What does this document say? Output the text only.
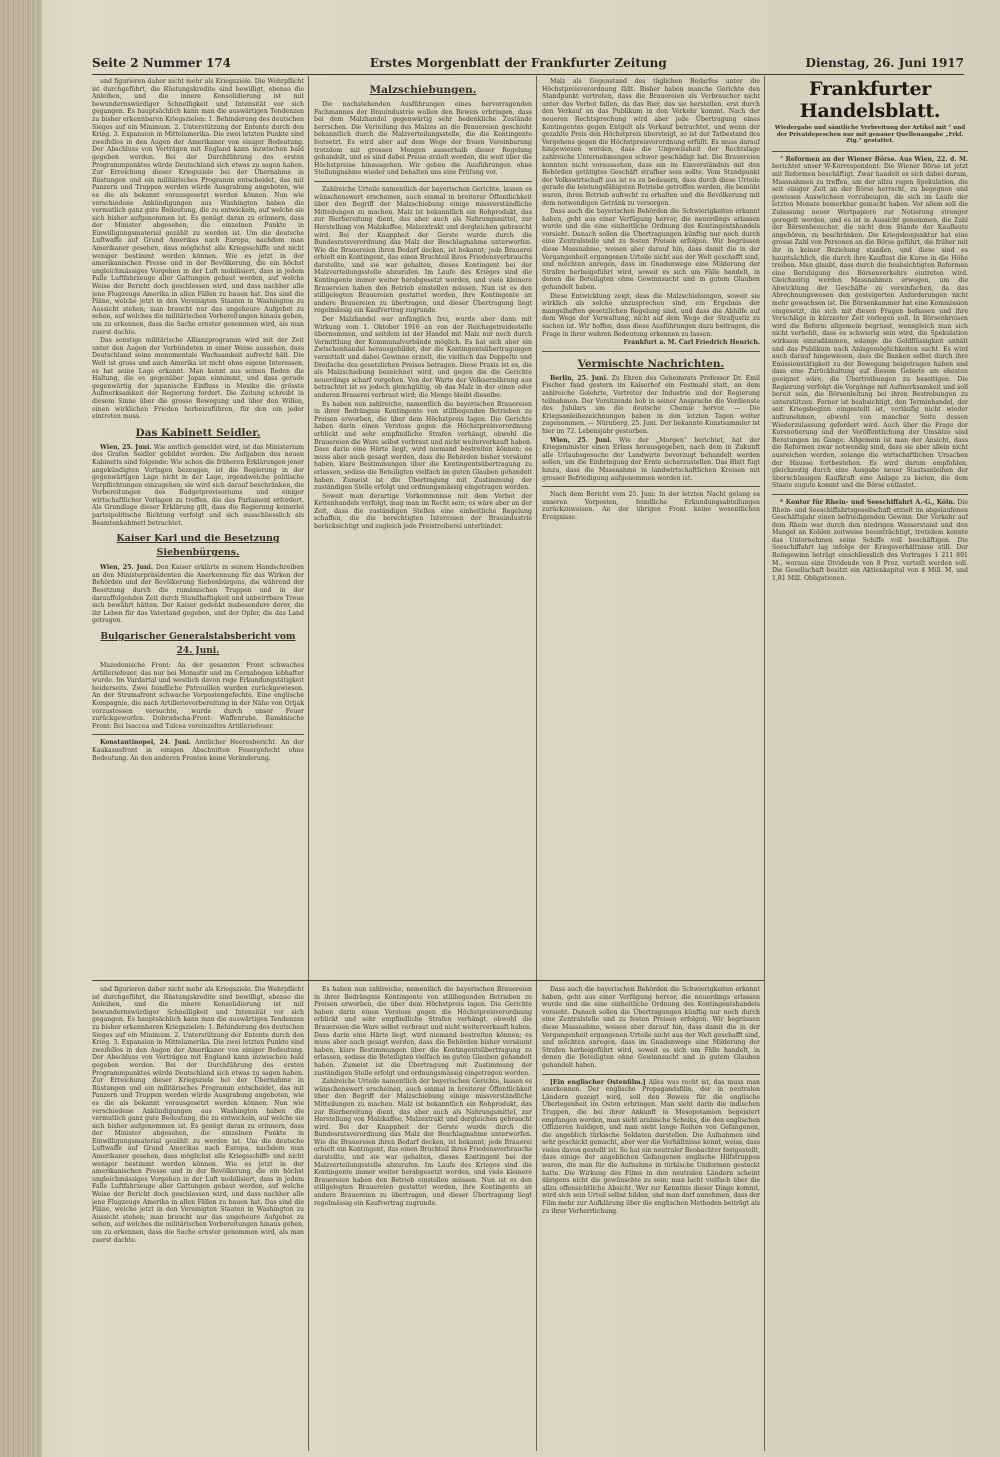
Seite 2 Nummer 174	Erstes Morgenblatt der Frankfurter Zeitung	Dienstag, 26. Juni 1917

und figurieren daher nicht mehr als Kriegsziele. Die Wehrpflicht ist durchgeführt, die Rüstungskredite sind bewilligt, ebenso die Anleihen, und die innere Konsolidierung ist mit bewundernswürdiger Schnelligkeit und Intensität vor sich gegangen. Es hauptsächlich kann man die auswärtigen Tendenzen zu bisher erkennbaren Kriegszielen: 1. Behinderung des deutschen Sieges auf ein Minimum. 2. Unterstützung der Entente durch den Krieg. 3. Expansion in Mittelamerika. Die zwei letzten Punkte sind zweifellos in den Augen der Amerikaner von einiger Bedeutung. Der Abschluss von Verträgen mit England kann inzwischen bald gegeben werden. Bei der Durchführung des ersten Programmpunktes würde Deutschland sich etwas zu sagen haben. Zur Erreichung dieser Kriegsziele bei der Übernahme in Rüstungen und ein militärisches Programm entscheidet, das mit Panzern und Truppen werden würde Ausgrabung angeboten, wie es die als bekannt vorausgesetzt werden können. Nun wie verschiedene Ankündigungen aus Washington haben die vermutlich ganz gute Bedeutung, die zu entwickeln, auf welche sie sich bisher aufgenommen ist. Es genügt daran zu erinnern, dass der Minister abgesehen, die einzelnen Punkte in Einwilligungsmaterial gezählt zu werden ist. Um die deutsche Luftwaffe auf Grund Amerikas nach Europa, nachdem man Amerikaner gesehen, dass möglichst alle Kriegsschiffe und nicht weniger bestimmt werden können. Wie es jetzt in der amerikanischen Presse und in der Bevölkerung, die ein höchst ungleichmässiges Vorgehen in der Luft mobilisiert, dass in jedem Falle Luftfahrzeuge aller Gattungen gebaut werden, auf welche Weise der Bericht doch geschlossen wird, und dass nachher alle jene Flugzeuge Amerika in allen Fällen zu bauen hat. Das sind die Pläne, welche jetzt in den Vereinigten Staaten in Washington zu Aussicht stehen; man braucht nur das ungeheure Aufgebot zu sehen, auf welches die militärischen Vorbereitungen hinaus gehen, um zu erkennen, dass die Sache ernster genommen wird, als man zuerst dachte.

Das sonstige militärische Allianzprogramm wird mit der Zeit unter den Augen der Verbündeten in einer Weise aussehen, dass Deutschland seine monumentale Wachsamkeit aufrecht hält. Die Welt ist gross und auch Amerika ist nicht ohne eigene Interessen, es hat seine Lage erkannt. Man kennt aus seinen Reden die Haltung, die es gegenüber Japan einnimmt, und dass gerade gegenwärtig der japanische Einfluss in Mexiko die grösste Aufmerksamkeit der Regierung fordert. Die Zeitung schreibt in diesem Sinne über die grosse Bewegung und über den Willen, einen wirklichen Frieden herbeizuführen, für den ein jeder eintreten muss.

Das Kabinett Seidler.

Wien, 25. Juni. Wie amtlich gemeldet wird, ist das Ministerium des Grafen Seidler gebildet worden. Die Aufgaben des neuen Kabinetts sind folgende: Wie schon die früheren Erklärungen jener angekündigten Vorlagen bezeugen, ist die Regierung in der gegenwärtigen Lage nicht in der Lage, irgendwelche politische Verpflichtungen einzugehen; sie wird sich darauf beschränken, die Vorbereitungen des Budgetprovisoriums und einiger wirtschaftlicher Vorlagen zu treffen, die das Parlament erfordert. Als Grundlage dieser Erklärung gilt, dass die Regierung keinerlei parteipolitische Richtung verfolgt und sich ausschliesslich als Beamtenkabinett betrachtet.

Kaiser Karl und die Besetzung Siebenbürgens.

Wien, 25. Juni. Den Kaiser erklärte in seinem Handschreiben an den Ministerpräsidenten die Anerkennung für das Wirken der Behörden und der Bevölkerung Siebenbürgens, die während der Besetzung durch die rumänischen Truppen und in der darauffolgenden Zeit durch Standhaftigkeit und unbeirrbare Treue sich bewährt hätten. Der Kaiser gedenkt insbesondere derer, die ihr Leben für das Vaterland gegeben, und der Opfer, die das Land getragen.

Bulgarischer Generalstabsbericht vom 24. Juni.

Mazedonische Front: An der gesamten Front schwaches Artilleriefeuer, das nur bei Monastir und im Cernabogen lebhafter wurde. Im Vardartal und westlich davon rege Erkundungstätigkeit beiderseits. Zwei feindliche Patrouillen wurden zurückgewiesen. An der Strumafront schwache Vorpostengefechte. Eine englische Kompagnie, die nach Artillerievorbereitung in der Nähe von Orljak vorzustossen versuchte, wurde durch unser Feuer zurückgeworfen. Dobrudscha-Front: Waffenruhe. Rumänische Front: Bei Isaccea und Tulcea vereinzeltes Artilleriefeuer.

Konstantinopel, 24. Juni. Amtlicher Heeresbericht. An der Kaukasusfront in einigen Abschnitten Feuergefecht ohne Bedeutung. An den anderen Fronten keine Veränderung.

Malzschiebungen.

Die nachstehenden Ausführungen eines hervorragenden Fachmannes der Brauindustrie wollen den Beweis erbringen, dass bei dem Malzhandel gegenwärtig sehr bedenkliche Zustände herrschen. Die Verteilung des Malzes an die Brauereien geschieht bekanntlich durch die Malzverteilungsstelle, die die Kontingente festsetzt. Es wird aber auf dem Wege der freien Vereinbarung trotzdem mit grossen Mengen ausserhalb dieser Regelung gehandelt, und es sind dabei Preise erzielt worden, die weit über die Höchstpreise hinausgehen. Wir geben die Ausführungen ohne Stellungnahme wieder und behalten uns eine Prüfung vor.

Zahlreiche Urteile namentlich der bayerischen Gerichte, lassen es wünschenswert erscheinen, auch einmal in breiterer Öffentlichkeit über den Begriff der Malzschiebung einige missverständliche Mitteilungen zu machen. Malz ist bekanntlich ein Rohprodukt, das zur Bierbereitung dient, das aber auch als Nahrungsmittel, zur Herstellung von Malzkaffee, Malzextrakt und dergleichen gebraucht wird. Bei der Knappheit der Gerste wurde durch die Bundesratsverordnung das Malz der Beschlagnahme unterworfen. Wie die Brauereien ihren Bedarf decken, ist bekannt; jede Brauerei erhielt ein Kontingent, das einen Bruchteil ihres Friedensverbrauchs darstellte, und sie war gehalten, dieses Kontingent bei der Malzverteilungsstelle abzurufen. Im Laufe des Krieges sind die Kontingente immer weiter herabgesetzt worden, und viele kleinere Brauereien haben den Betrieb einstellen müssen. Nun ist es den stillgelegten Brauereien gestattet worden, ihre Kontingente an andere Brauereien zu übertragen, und dieser Übertragung liegt regelmässig ein Kaufvertrag zugrunde.

Der Malzhandel war anfänglich frei, wurde aber dann mit Wirkung vom 1. Oktober 1916 an von der Reichsgetreidestelle übernommen, und seitdem ist der Handel mit Malz nur noch durch Vermittlung der Kommunalverbände möglich. Es hat sich aber ein Zwischenhandel herausgebildet, der die Kontingentsübertragungen vermittelt und dabei Gewinne erzielt, die vielfach das Doppelte und Dreifache des gesetzlichen Preises betragen. Diese Praxis ist es, die als Malzschiebung bezeichnet wird, und gegen die die Gerichte neuerdings scharf vorgehen. Von der Warte der Volksernährung aus betrachtet ist es jedoch gleichgültig, ob das Malz in der einen oder anderen Brauerei verbraut wird; die Menge bleibt dieselbe.

Es haben nun zahlreiche, namentlich die bayerischen Brauereien in ihrer Bedrängnis Kontingente von stillliegenden Betrieben zu Preisen erworben, die über dem Höchstpreis lagen. Die Gerichte haben darin einen Verstoss gegen die Höchstpreisverordnung erblickt und sehr empfindliche Strafen verhängt, obwohl die Brauereien die Ware selbst verbraut und nicht weiterverkauft haben. Dass darin eine Härte liegt, wird niemand bestreiten können; es muss aber auch gesagt werden, dass die Behörden bisher versäumt haben, klare Bestimmungen über die Kontingentsübertragung zu erlassen, sodass die Beteiligten vielfach im guten Glauben gehandelt haben. Zumeist ist die Übertragung mit Zustimmung der zuständigen Stelle erfolgt und ordnungsmässig eingetragen worden.

Soweit man derartige Vorkommnisse mit dem Verbot der Kettenhandels verfolgt, mag man im Recht sein; es wäre aber an der Zeit, dass die zuständigen Stellen eine einheitliche Regelung schaffen, die die berechtigten Interessen der Brauindustrie berücksichtigt und zugleich jede Preistreiberei unterbindet.

Malz als Gegenstand des täglichen Bedarfes unter die Höchstpreisverordnung fällt. Bisher haben manche Gerichte den Standpunkt vertreten, dass die Brauereien als Verbraucher nicht unter das Verbot fallen, da das Bier, das sie herstellen, erst durch den Verkauf an das Publikum in den Verkehr kommt. Nach der neueren Rechtsprechung wird aber jede Übertragung eines Kontingentes gegen Entgelt als Verkauf betrachtet, und wenn der gezahlte Preis den Höchstpreis übersteigt, so ist der Tatbestand des Vergehens gegen die Höchstpreisverordnung erfüllt. Es muss darauf hingewiesen werden, dass die Ungewissheit der Rechtslage zahlreiche Unternehmungen schwer geschädigt hat. Die Brauereien konnten nicht voraussehen, dass ein im Einverständnis mit den Behörden getätigtes Geschäft strafbar sein sollte. Vom Standpunkt der Volkswirtschaft aus ist es zu bedauern, dass durch diese Urteile gerade die leistungsfähigsten Betriebe getroffen werden, die bemüht waren, ihren Betrieb aufrecht zu erhalten und die Bevölkerung mit dem notwendigen Getränk zu versorgen.

Dass auch die bayerischen Behörden die Schwierigkeiten erkannt haben, geht aus einer Verfügung hervor, die neuerdings erlassen wurde und die eine einheitliche Ordnung des Kontingentshandels vorsieht. Danach sollen die Übertragungen künftig nur noch durch eine Zentralstelle und zu festen Preisen erfolgen. Wir begrüssen diese Massnahme, weisen aber darauf hin, dass damit die in der Vergangenheit ergangenen Urteile nicht aus der Welt geschafft sind, und möchten anregen, dass im Gnadenwege eine Milderung der Strafen herbeigeführt wird, soweit es sich um Fälle handelt, in denen die Beteiligten ohne Gewinnsucht und in gutem Glauben gehandelt haben.

Diese Entwicklung zeigt, dass die Malzschiebungen, soweit sie wirklich als solche anzusprechen sind, ein Ergebnis der mangelhaften gesetzlichen Regelung sind, und dass die Abhilfe auf dem Wege der Verwaltung, nicht auf dem Wege der Strafjustiz zu suchen ist. Wir hoffen, dass diese Ausführungen dazu beitragen, die Frage in ihrer wahren Bedeutung erkennen zu lassen.

Frankfurt a. M. Carl Friedrich Henrich.

Vermischte Nachrichten.

Berlin, 25. Juni. Zu Ehren des Geheimrats Professor Dr. Emil Fischer fand gestern im Kaiserhof ein Festmahl statt, an dem zahlreiche Gelehrte, Vertreter der Industrie und der Regierung teilnahmen. Der Vorsitzende hob in seiner Ansprache die Verdienste des Jubilars um die deutsche Chemie hervor. — Die Kriegsanleihezeichnungen haben in den letzten Tagen weiter zugenommen. — Nürnberg, 25. Juni. Der bekannte Kunstsammler ist hier im 72. Lebensjahr gestorben.

Wien, 25. Juni. Wie der „Morgen“ berichtet, hat der Kriegsminister einen Erlass herausgegeben, nach dem in Zukunft alle Urlaubsgesuche der Landwirte bevorzugt behandelt werden sollen, um die Einbringung der Ernte sicherzustellen. Das Blatt fügt hinzu, dass die Massnahme in landwirtschaftlichen Kreisen mit grosser Befriedigung aufgenommen worden ist.

Nach dem Bericht vom 25. Juni: In der letzten Nacht gelang es unseren Vorposten, feindliche Erkundungsabteilungen zurückzuweisen. An der übrigen Front keine wesentlichen Ereignisse.

und figurieren daher nicht mehr als Kriegsziele. Die Wehrpflicht ist durchgeführt, die Rüstungskredite sind bewilligt, ebenso die Anleihen, und die innere Konsolidierung ist mit bewundernswürdiger Schnelligkeit und Intensität vor sich gegangen. Es hauptsächlich kann man die auswärtigen Tendenzen zu bisher erkennbaren Kriegszielen: 1. Behinderung des deutschen Sieges auf ein Minimum. 2. Unterstützung der Entente durch den Krieg. 3. Expansion in Mittelamerika. Die zwei letzten Punkte sind zweifellos in den Augen der Amerikaner von einiger Bedeutung. Der Abschluss von Verträgen mit England kann inzwischen bald gegeben werden. Bei der Durchführung des ersten Programmpunktes würde Deutschland sich etwas zu sagen haben. Zur Erreichung dieser Kriegsziele bei der Übernahme in Rüstungen und ein militärisches Programm entscheidet, das mit Panzern und Truppen werden würde Ausgrabung angeboten, wie es die als bekannt vorausgesetzt werden können. Nun wie verschiedene Ankündigungen aus Washington haben die vermutlich ganz gute Bedeutung, die zu entwickeln, auf welche sie sich bisher aufgenommen ist. Es genügt daran zu erinnern, dass der Minister abgesehen, die einzelnen Punkte in Einwilligungsmaterial gezählt zu werden ist. Um die deutsche Luftwaffe auf Grund Amerikas nach Europa, nachdem man Amerikaner gesehen, dass möglichst alle Kriegsschiffe und nicht weniger bestimmt werden können. Wie es jetzt in der amerikanischen Presse und in der Bevölkerung, die ein höchst ungleichmässiges Vorgehen in der Luft mobilisiert, dass in jedem Falle Luftfahrzeuge aller Gattungen gebaut werden, auf welche Weise der Bericht doch geschlossen wird, und dass nachher alle jene Flugzeuge Amerika in allen Fällen zu bauen hat. Das sind die Pläne, welche jetzt in den Vereinigten Staaten in Washington zu Aussicht stehen; man braucht nur das ungeheure Aufgebot zu sehen, auf welches die militärischen Vorbereitungen hinaus gehen, um zu erkennen, dass die Sache ernster genommen wird, als man zuerst dachte.

Es haben nun zahlreiche, namentlich die bayerischen Brauereien in ihrer Bedrängnis Kontingente von stillliegenden Betrieben zu Preisen erworben, die über dem Höchstpreis lagen. Die Gerichte haben darin einen Verstoss gegen die Höchstpreisverordnung erblickt und sehr empfindliche Strafen verhängt, obwohl die Brauereien die Ware selbst verbraut und nicht weiterverkauft haben. Dass darin eine Härte liegt, wird niemand bestreiten können; es muss aber auch gesagt werden, dass die Behörden bisher versäumt haben, klare Bestimmungen über die Kontingentsübertragung zu erlassen, sodass die Beteiligten vielfach im guten Glauben gehandelt haben. Zumeist ist die Übertragung mit Zustimmung der zuständigen Stelle erfolgt und ordnungsmässig eingetragen worden.

Zahlreiche Urteile namentlich der bayerischen Gerichte, lassen es wünschenswert erscheinen, auch einmal in breiterer Öffentlichkeit über den Begriff der Malzschiebung einige missverständliche Mitteilungen zu machen. Malz ist bekanntlich ein Rohprodukt, das zur Bierbereitung dient, das aber auch als Nahrungsmittel, zur Herstellung von Malzkaffee, Malzextrakt und dergleichen gebraucht wird. Bei der Knappheit der Gerste wurde durch die Bundesratsverordnung das Malz der Beschlagnahme unterworfen. Wie die Brauereien ihren Bedarf decken, ist bekannt; jede Brauerei erhielt ein Kontingent, das einen Bruchteil ihres Friedensverbrauchs darstellte, und sie war gehalten, dieses Kontingent bei der Malzverteilungsstelle abzurufen. Im Laufe des Krieges sind die Kontingente immer weiter herabgesetzt worden, und viele kleinere Brauereien haben den Betrieb einstellen müssen. Nun ist es den stillgelegten Brauereien gestattet worden, ihre Kontingente an andere Brauereien zu übertragen, und dieser Übertragung liegt regelmässig ein Kaufvertrag zugrunde.

Dass auch die bayerischen Behörden die Schwierigkeiten erkannt haben, geht aus einer Verfügung hervor, die neuerdings erlassen wurde und die eine einheitliche Ordnung des Kontingentshandels vorsieht. Danach sollen die Übertragungen künftig nur noch durch eine Zentralstelle und zu festen Preisen erfolgen. Wir begrüssen diese Massnahme, weisen aber darauf hin, dass damit die in der Vergangenheit ergangenen Urteile nicht aus der Welt geschafft sind, und möchten anregen, dass im Gnadenwege eine Milderung der Strafen herbeigeführt wird, soweit es sich um Fälle handelt, in denen die Beteiligten ohne Gewinnsucht und in gutem Glauben gehandelt haben.

[Ein englischer Ostenfilm.] Alles was recht ist, das muss man anerkennen. Der englische Propagandafilm, der in neutralen Ländern gezeigt wird, soll den Beweis für die englische Überlegenheit im Osten erbringen. Man sieht darin die indischen Truppen, die bei ihrer Ankunft in Mesopotamien begeistert empfangen werden, man sieht arabische Scheiks, die den englischen Offizieren huldigen, und man sieht lange Reihen von Gefangenen, die angeblich türkische Soldaten darstellen. Die Aufnahmen sind sehr geschickt gemacht, aber wer die Verhältnisse kennt, weiss, dass vieles davon gestellt ist. So hat ein neutraler Beobachter festgestellt, dass einige der angeblichen Gefangenen englische Hilfstruppen waren, die man für die Aufnahme in türkische Uniformen gesteckt hatte. Die Wirkung des Films in den neutralen Ländern scheint übrigens nicht die gewünschte zu sein; man lacht vielfach über die allzu offensichtliche Absicht. Wer zur Kenntnis dieser Dinge kommt, wird sich sein Urteil selbst bilden, und man darf annehmen, dass der Film mehr zur Aufklärung über die englischen Methoden beiträgt als zu ihrer Verherrlichung.

Frankfurter Handelsblatt.
Wiedergabe und sämtliche Verbreitung der Artikel mit ° und der Privatdepeschen nur mit genauer Quellenangabe „Frkf. Ztg.“ gestattet.

° Reformen an der Wiener Börse. Aus Wien, 22. d. M. berichtet unser W-Korrespondent: Die Wiener Börse ist jetzt mit Reformen beschäftigt. Zwar handelt es sich dabei darum, Massnahmen zu treffen, um der allzu regen Spekulation, die seit einiger Zeit an der Börse herrscht, zu begegnen und gewissen Auswüchsen vorzubeugen, die sich im Laufe der letzten Monate bemerkbar gemacht haben. Vor allem soll die Zulassung neuer Wertpapiere zur Notierung strenger geregelt werden, und es ist in Aussicht genommen, die Zahl der Börsenbesucher, die nicht dem Stande der Kaufleute angehören, zu beschränken. Die Kriegskonjunktur hat eine grosse Zahl von Personen an die Börse geführt, die früher mit ihr in keiner Beziehung standen, und diese sind es hauptsächlich, die durch ihre Kauflust die Kurse in die Höhe treiben. Man glaubt, dass durch die beabsichtigten Reformen eine Beruhigung des Börsenverkehrs eintreten wird. Gleichzeitig werden Massnahmen erwogen, um die Abwicklung der Geschäfte zu vereinfachen, da das Abrechnungswesen den gesteigerten Anforderungen nicht mehr gewachsen ist. Die Börsenkammer hat eine Kommission eingesetzt, die sich mit diesen Fragen befassen und ihre Vorschläge in kürzester Zeit vorlegen soll. In Börsenkreisen wird die Reform allgemein begrüsst, wenngleich man sich nicht verhehlt, dass es schwierig sein wird, die Spekulation wirksam einzudämmen, solange die Geldflüssigkeit anhält und das Publikum nach Anlagemöglichkeiten sucht. Es wird auch darauf hingewiesen, dass die Banken selbst durch ihre Emissionstätigkeit zu der Bewegung beigetragen haben und dass eine Zurückhaltung auf diesem Gebiete am ehesten geeignet wäre, die Übertreibungen zu beseitigen. Die Regierung verfolgt die Vorgänge mit Aufmerksamkeit und soll bereit sein, die Börsenleitung bei ihren Bestrebungen zu unterstützen. Ferner ist beabsichtigt, den Terminhandel, der seit Kriegsbeginn eingestellt ist, vorläufig nicht wieder aufzunehmen, obwohl von mancher Seite dessen Wiederzulassung gefordert wird. Auch über die Frage der Kursnotierung und der Veröffentlichung der Umsätze sind Beratungen im Gange. Allgemein ist man der Ansicht, dass die Reformen zwar notwendig sind, dass sie aber allein nicht ausreichen werden, solange die wirtschaftlichen Ursachen der Hausse fortbestehen. Es wird darum empfohlen, gleichzeitig durch eine Ausgabe neuer Staatsanleihen der überschüssigen Kaufkraft eine Anlage zu bieten, die dem Staate zugute kommt und die Börse entlastet.

* Kontor für Rhein- und Seeschiffahrt A.-G., Köln. Die Rhein- und Seeschiffahrtsgesellschaft erzielt im abgelaufenen Geschäftsjahr einen befriedigenden Gewinn. Der Verkehr auf dem Rhein war durch den niedrigen Wasserstand und den Mangel an Kohlen zeitweise beeinträchtigt, trotzdem konnte das Unternehmen seine Schiffe voll beschäftigen. Die Seeschiffahrt lag infolge der Kriegsverhältnisse still. Der Reingewinn beträgt einschliesslich des Vortrages 1 211 891 M., woraus eine Dividende von 8 Proz. verteilt werden soll. Die Gesellschaft besitzt ein Aktienkapital von 4 Mill. M. und 1,81 Mill. Obligationen.
